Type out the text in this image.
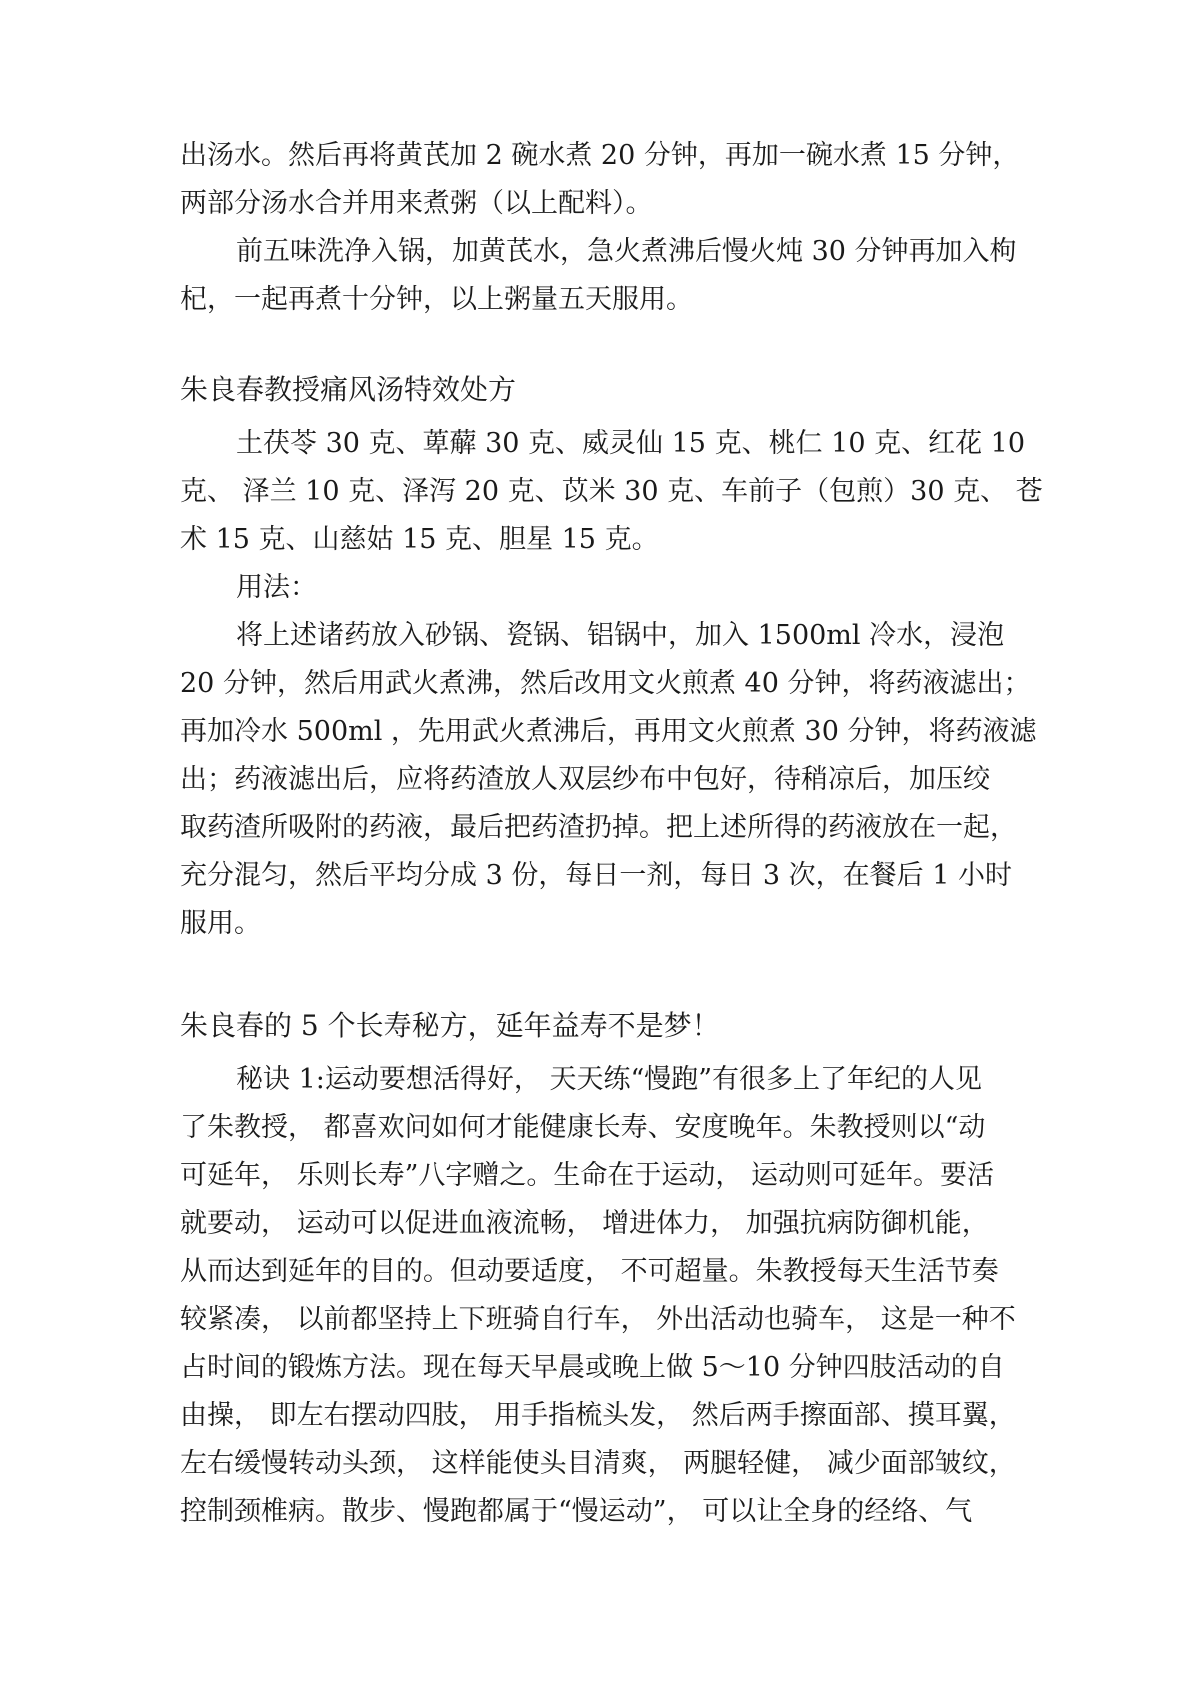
出汤水。然后再将黄芪加 2 碗水煮 20 分钟，再加一碗水煮 15 分钟，
两部分汤水合并用来煮粥（以上配料）。
前五味洗净入锅，加黄芪水，急火煮沸后慢火炖 30 分钟再加入枸
杞，一起再煮十分钟，以上粥量五天服用。
朱良春教授痛风汤特效处方
土茯苓 30 克、萆薢 30 克、威灵仙 15 克、桃仁 10 克、红花 10
克、 泽兰 10 克、泽泻 20 克、苡米 30 克、车前子（包煎）30 克、 苍
术 15 克、山慈姑 15 克、胆星 15 克。
用法：
将上述诸药放入砂锅、瓷锅、铝锅中，加入 1500ml 冷水，浸泡
20 分钟，然后用武火煮沸，然后改用文火煎煮 40 分钟，将药液滤出；
再加冷水 500ml ，先用武火煮沸后，再用文火煎煮 30 分钟，将药液滤
出；药液滤出后，应将药渣放人双层纱布中包好，待稍凉后，加压绞
取药渣所吸附的药液，最后把药渣扔掉。把上述所得的药液放在一起，
充分混匀，然后平均分成 3 份，每日一剂，每日 3 次，在餐后 1 小时
服用。
朱良春的 5 个长寿秘方，延年益寿不是梦！
秘诀 1:运动要想活得好， 天天练“慢跑”有很多上了年纪的人见
了朱教授， 都喜欢问如何才能健康长寿、安度晚年。朱教授则以“动
可延年， 乐则长寿”八字赠之。生命在于运动， 运动则可延年。要活
就要动， 运动可以促进血液流畅， 增进体力， 加强抗病防御机能，
从而达到延年的目的。但动要适度， 不可超量。朱教授每天生活节奏
较紧凑， 以前都坚持上下班骑自行车， 外出活动也骑车， 这是一种不
占时间的锻炼方法。现在每天早晨或晚上做 5～10 分钟四肢活动的自
由操， 即左右摆动四肢， 用手指梳头发， 然后两手擦面部、摸耳翼，
左右缓慢转动头颈， 这样能使头目清爽， 两腿轻健， 减少面部皱纹，
控制颈椎病。散步、慢跑都属于“慢运动”， 可以让全身的经络、气
